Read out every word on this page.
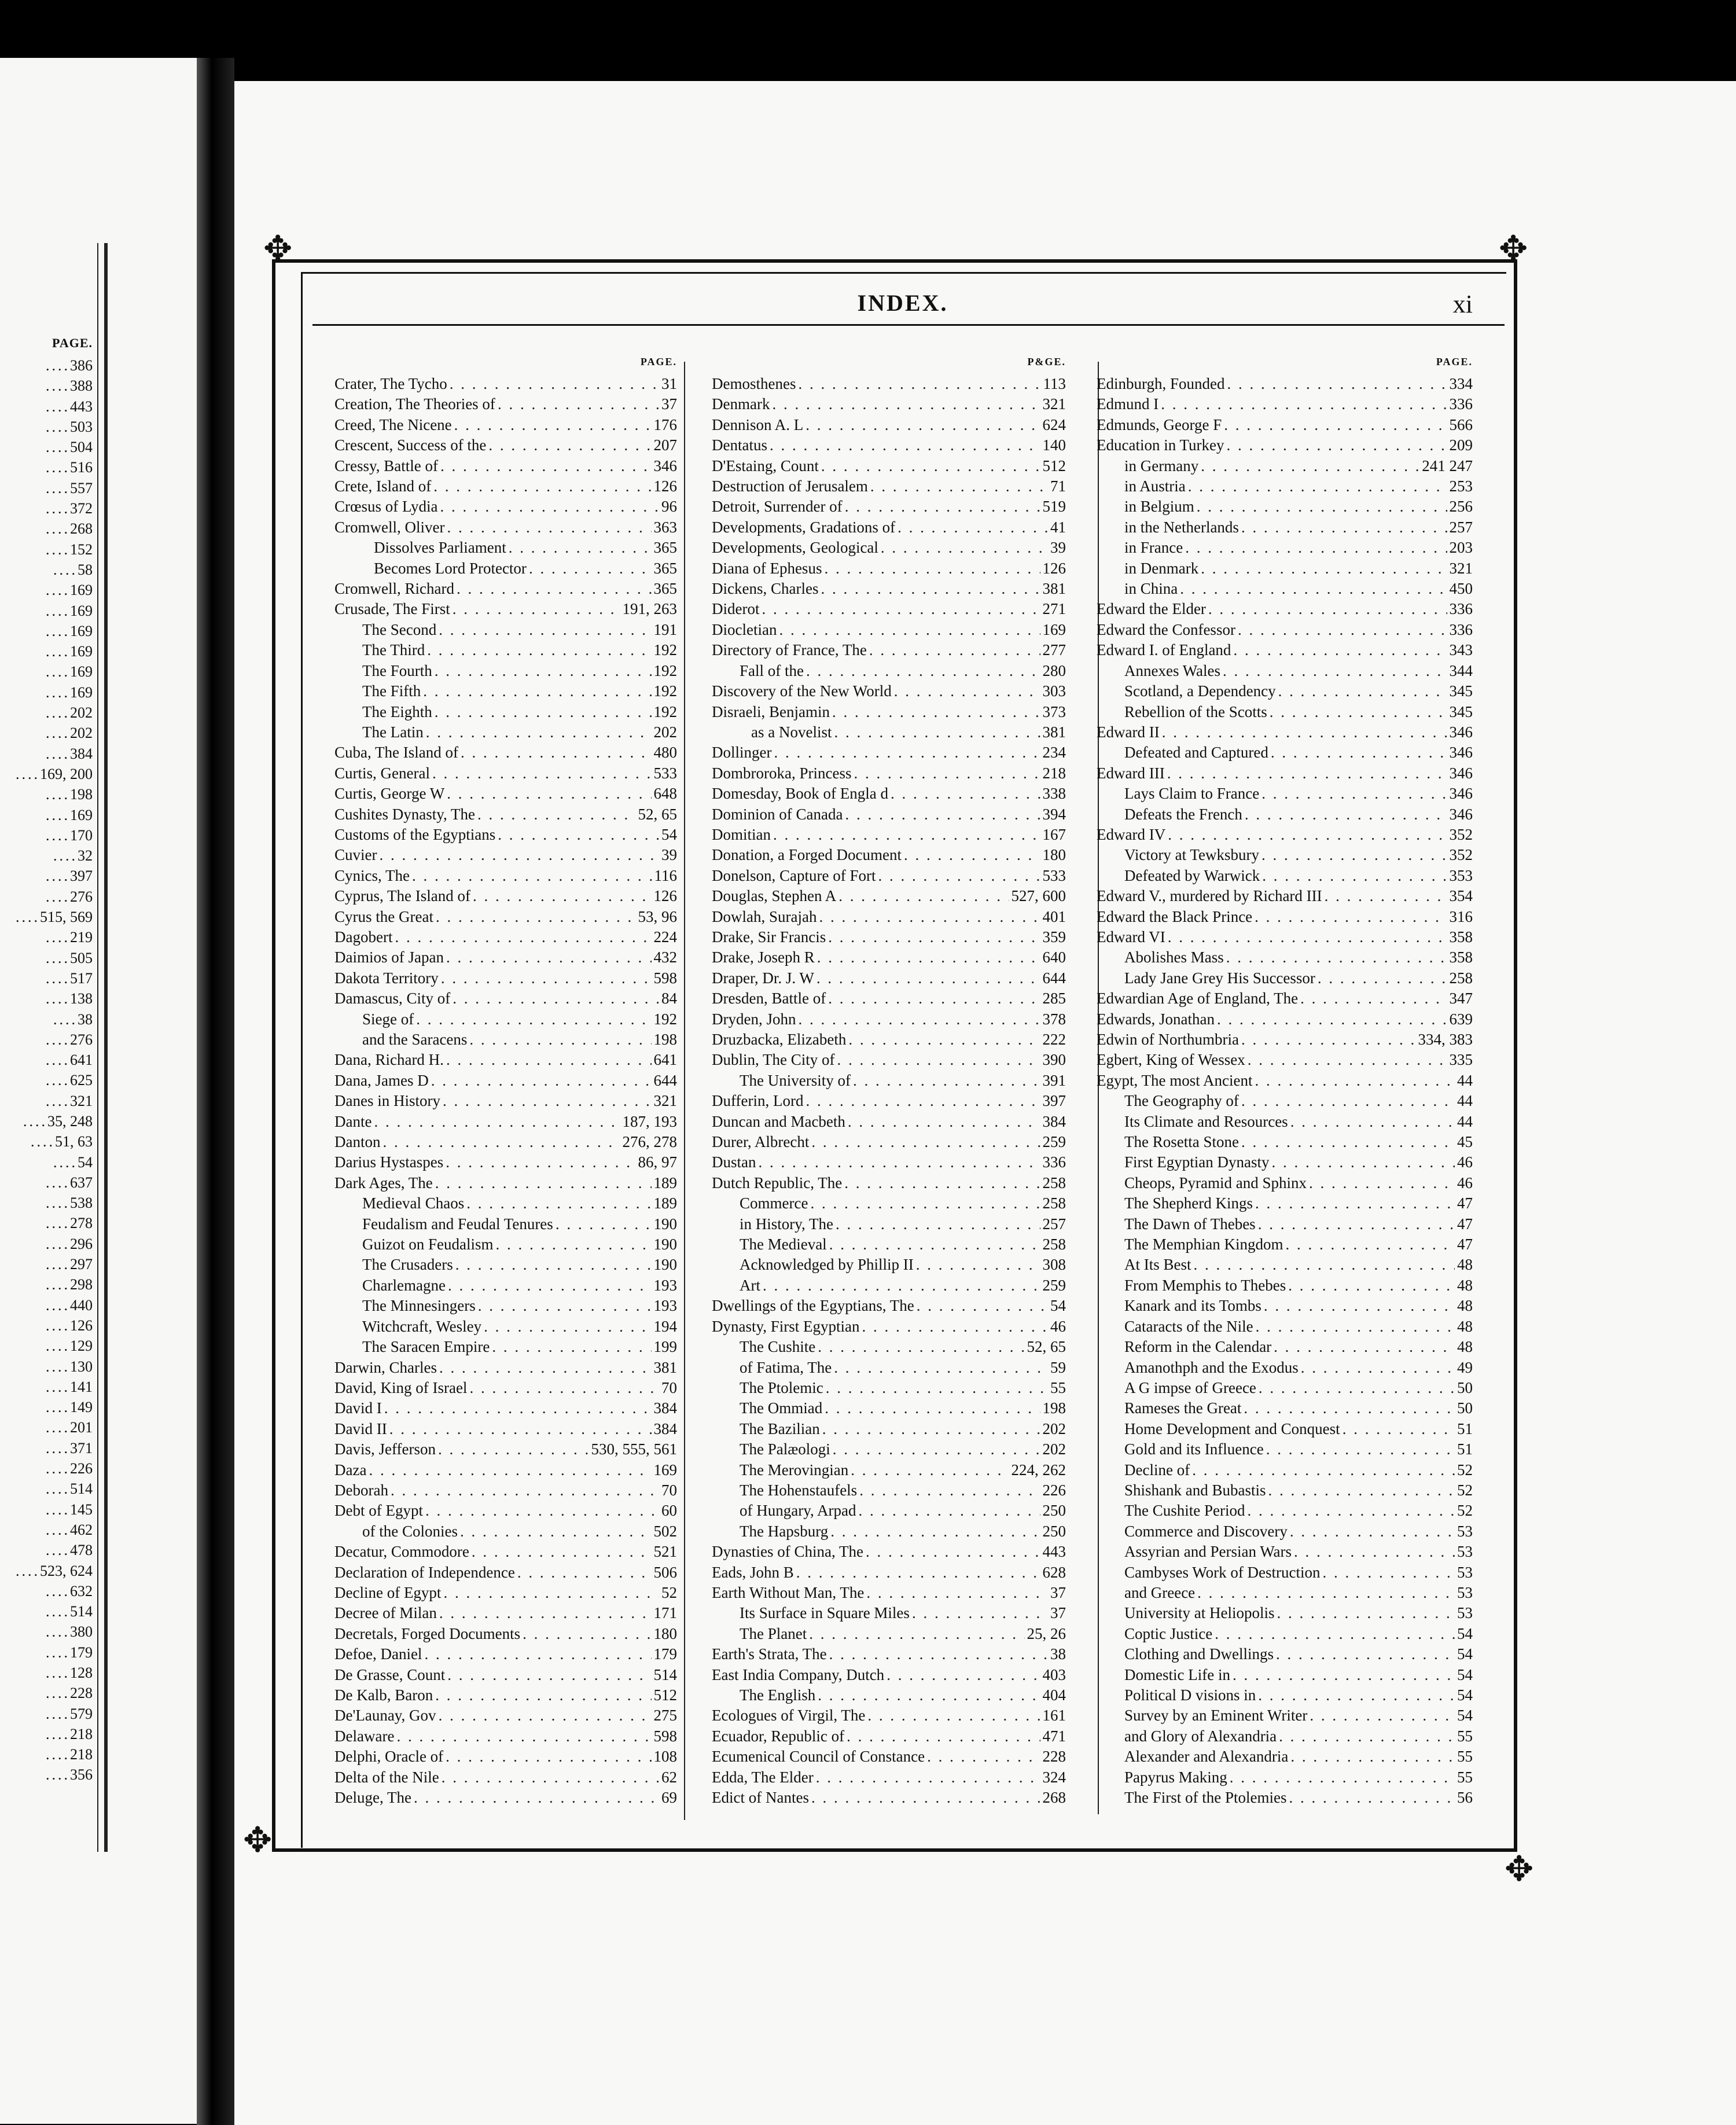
PAGE.
....386
....388
....443
....503
....504
....516
....557
....372
....268
....152
....58
....169
....169
....169
....169
....169
....169
....202
....202
....384
....169, 200
....198
....169
....170
....32
....397
....276
....515, 569
....219
....505
....517
....138
....38
....276
....641
....625
....321
....35, 248
....51, 63
....54
....637
....538
....278
....296
....297
....298
....440
....126
....129
....130
....141
....149
....201
....371
....226
....514
....145
....462
....478
....523, 624
....632
....514
....380
....179
....128
....228
....579
....218
....218
....356
✥	✥
✥
✥
INDEX.	xi
PAGE.
Crater, The Tycho . . .	31
Creation, The Theories of . . .	37
Creed, The Nicene . . .	176
Crescent, Success of the . . .	207
Cressy, Battle of . . .	346
Crete, Island of . . .	126
Crœsus of Lydia . . .	96
Cromwell, Oliver . . .	363
Dissolves Parliament . . .	365
Becomes Lord Protector . . .	365
Cromwell, Richard . . .	365
Crusade, The First . . .	191, 263
The Second . . .	191
The Third . . .	192
The Fourth . . .	192
The Fifth . . .	192
The Eighth . . .	192
The Latin . . .	202
Cuba, The Island of . . .	480
Curtis, General . . .	533
Curtis, George W . . .	648
Cushites Dynasty, The . . .	52, 65
Customs of the Egyptians . . .	54
Cuvier . . .	39
Cynics, The . . .	116
Cyprus, The Island of . . .	126
Cyrus the Great . . .	53, 96
Dagobert . . .	224
Daimios of Japan . . .	432
Dakota Territory . . .	598
Damascus, City of . . .	84
Siege of . . .	192
and the Saracens . . .	198
Dana, Richard H. . . .	641
Dana, James D . . .	644
Danes in History . . .	321
Dante . . .	187, 193
Danton . . .	276, 278
Darius Hystaspes . . .	86, 97
Dark Ages, The . . .	189
Medieval Chaos . . .	189
Feudalism and Feudal Tenures . . .	190
Guizot on Feudalism . . .	190
The Crusaders . . .	190
Charlemagne . . .	193
The Minnesingers . . .	193
Witchcraft, Wesley . . .	194
The Saracen Empire . . .	199
Darwin, Charles . . .	381
David, King of Israel . . .	70
David I . . .	384
David II . . .	384
Davis, Jefferson . . .	530, 555, 561
Daza . . .	169
Deborah . . .	70
Debt of Egypt . . .	60
of the Colonies . . .	502
Decatur, Commodore . . .	521
Declaration of Independence . . .	506
Decline of Egypt . . .	52
Decree of Milan . . .	171
Decretals, Forged Documents . . .	180
Defoe, Daniel . . .	179
De Grasse, Count . . .	514
De Kalb, Baron . . .	512
De'Launay, Gov . . .	275
Delaware . . .	598
Delphi, Oracle of . . .	108
Delta of the Nile . . .	62
Deluge, The . . .	69
P&GE.
Demosthenes . . .	113
Denmark . . .	321
Dennison A. L . . .	624
Dentatus . . .	140
D'Estaing, Count . . .	512
Destruction of Jerusalem . . .	71
Detroit, Surrender of . . .	519
Developments, Gradations of . . .	41
Developments, Geological . . .	39
Diana of Ephesus . . .	126
Dickens, Charles . . .	381
Diderot . . .	271
Diocletian . . .	169
Directory of France, The . . .	277
Fall of the . . .	280
Discovery of the New World . . .	303
Disraeli, Benjamin . . .	373
as a Novelist . . .	381
Dollinger . . .	234
Dombroroka, Princess . . .	218
Domesday, Book of Engla d . . .	338
Dominion of Canada . . .	394
Domitian . . .	167
Donation, a Forged Document . . .	180
Donelson, Capture of Fort . . .	533
Douglas, Stephen A . . .	527, 600
Dowlah, Surajah . . .	401
Drake, Sir Francis . . .	359
Drake, Joseph R . . .	640
Draper, Dr. J. W . . .	644
Dresden, Battle of . . .	285
Dryden, John . . .	378
Druzbacka, Elizabeth . . .	222
Dublin, The City of . . .	390
The University of . . .	391
Dufferin, Lord . . .	397
Duncan and Macbeth . . .	384
Durer, Albrecht . . .	259
Dustan . . .	336
Dutch Republic, The . . .	258
Commerce . . .	258
in History, The . . .	257
The Medieval . . .	258
Acknowledged by Phillip II . . .	308
Art . . .	259
Dwellings of the Egyptians, The . . .	54
Dynasty, First Egyptian . . .	46
The Cushite . . .	52, 65
of Fatima, The . . .	59
The Ptolemic . . .	55
The Ommiad . . .	198
The Bazilian . . .	202
The Palæologi . . .	202
The Merovingian . . .	224, 262
The Hohenstaufels . . .	226
of Hungary, Arpad . . .	250
The Hapsburg . . .	250
Dynasties of China, The . . .	443
Eads, John B . . .	628
Earth Without Man, The . . .	37
Its Surface in Square Miles . . .	37
The Planet . . .	25, 26
Earth's Strata, The . . .	38
East India Company, Dutch . . .	403
The English . . .	404
Ecologues of Virgil, The . . .	161
Ecuador, Republic of . . .	471
Ecumenical Council of Constance . . .	228
Edda, The Elder . . .	324
Edict of Nantes . . .	268
PAGE.
Edinburgh, Founded . . .	334
Edmund I . . .	336
Edmunds, George F . . .	566
Education in Turkey . . .	209
in Germany . . .	241 247
in Austria . . .	253
in Belgium . . .	256
in the Netherlands . . .	257
in France . . .	203
in Denmark . . .	321
in China . . .	450
Edward the Elder . . .	336
Edward the Confessor . . .	336
Edward I. of England . . .	343
Annexes Wales . . .	344
Scotland, a Dependency . . .	345
Rebellion of the Scotts . . .	345
Edward II . . .	346
Defeated and Captured . . .	346
Edward III . . .	346
Lays Claim to France . . .	346
Defeats the French . . .	346
Edward IV . . .	352
Victory at Tewksbury . . .	352
Defeated by Warwick . . .	353
Edward V., murdered by Richard III . . .	354
Edward the Black Prince . . .	316
Edward VI . . .	358
Abolishes Mass . . .	358
Lady Jane Grey His Successor . . .	258
Edwardian Age of England, The . . .	347
Edwards, Jonathan . . .	639
Edwin of Northumbria . . .	334, 383
Egbert, King of Wessex . . .	335
Egypt, The most Ancient . . .	44
The Geography of . . .	44
Its Climate and Resources . . .	44
The Rosetta Stone . . .	45
First Egyptian Dynasty . . .	46
Cheops, Pyramid and Sphinx . . .	46
The Shepherd Kings . . .	47
The Dawn of Thebes . . .	47
The Memphian Kingdom . . .	47
At Its Best . . .	48
From Memphis to Thebes . . .	48
Kanark and its Tombs . . .	48
Cataracts of the Nile . . .	48
Reform in the Calendar . . .	48
Amanothph and the Exodus . . .	49
A G impse of Greece . . .	50
Rameses the Great . . .	50
Home Development and Conquest . . .	51
Gold and its Influence . . .	51
Decline of . . .	52
Shishank and Bubastis . . .	52
The Cushite Period . . .	52
Commerce and Discovery . . .	53
Assyrian and Persian Wars . . .	53
Cambyses Work of Destruction . . .	53
and Greece . . .	53
University at Heliopolis . . .	53
Coptic Justice . . .	54
Clothing and Dwellings . . .	54
Domestic Life in . . .	54
Political D visions in . . .	54
Survey by an Eminent Writer . . .	54
and Glory of Alexandria . . .	55
Alexander and Alexandria . . .	55
Papyrus Making . . .	55
The First of the Ptolemies . . .	56
